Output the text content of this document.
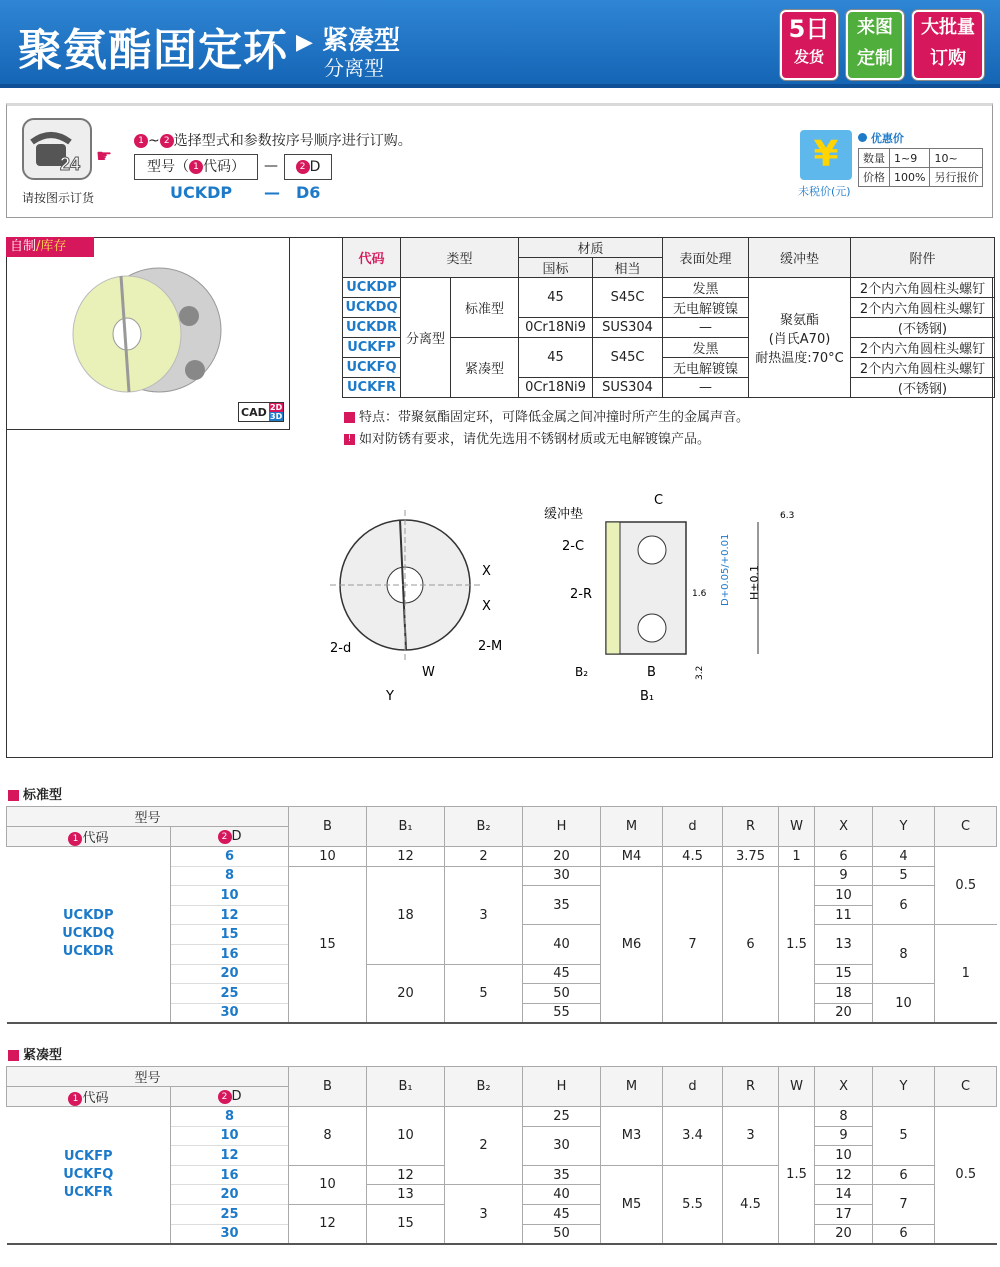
聚氨酯固定环 ▶ 紧凑型
分离型
5日
发货
来图
定制
大批量
订购
24
请按图示订货
☛
1 ~ 2 选择型式和参数按序号顺序进行订购。
型号（ 1 代码）	—	2 D
UCKDP — D6
¥
未税价(元)
优惠价
数量	1~9	10~
价格	100%	另行报价
自制/库存
CAD 2D
3D
代码	类型		材质		表面处理	缓冲垫	附件
			国标	相当			
UCKDP	分离型	标准型	45	S45C	发黑	聚氨酯
(肖氏A70)
耐热温度:70°C	2个内六角圆柱头螺钉
UCKDQ					无电解镀镍		2个内六角圆柱头螺钉
UCKDR			0Cr18Ni9	SUS304	—		(不锈钢)
UCKFP		紧凑型	45	S45C	发黑		2个内六角圆柱头螺钉
UCKFQ					无电解镀镍		2个内六角圆柱头螺钉
UCKFR			0Cr18Ni9	SUS304	—		(不锈钢)
特点：带聚氨酯固定环，可降低金属之间冲撞时所产生的金属声音。
! 如对防锈有要求，请优先选用不锈钢材质或无电解镀镍产品。
X
X
2-d	2-M
W
Y
缓冲垫
C
2-C
2-R
B₂	B
B₁
H±0.1
D+0.05/+0.01
1.6
3.2
6.3
标准型
型号		B	B₁	B₂	H	M	d	R	W	X	Y	C
1 代码	2 D											

UCKDP
UCKDQ
UCKDR	6	10	12	2	20	M4	4.5	3.75	1	6	4	0.5
	8	15	18	3	30	M6	7	6	1.5	9	5	
	10				35					10	6	
	12									11		
	15				40					13	8	1
	16											
	20		20	5	45					15		
	25				50					18	10	
	30				55					20		
紧凑型
型号		B	B₁	B₂	H	M	d	R	W	X	Y	C
1 代码	2 D											

UCKFP
UCKFQ
UCKFR	8	8	10	2	25	M3	3.4	3	1.5	8	5	0.5
	10				30					9		
	12									10		
	16	10	12		35	M5	5.5	4.5		12	6	
	20		13	3	40					14	7	
	25	12	15		45					17		
	30				50					20	6	
